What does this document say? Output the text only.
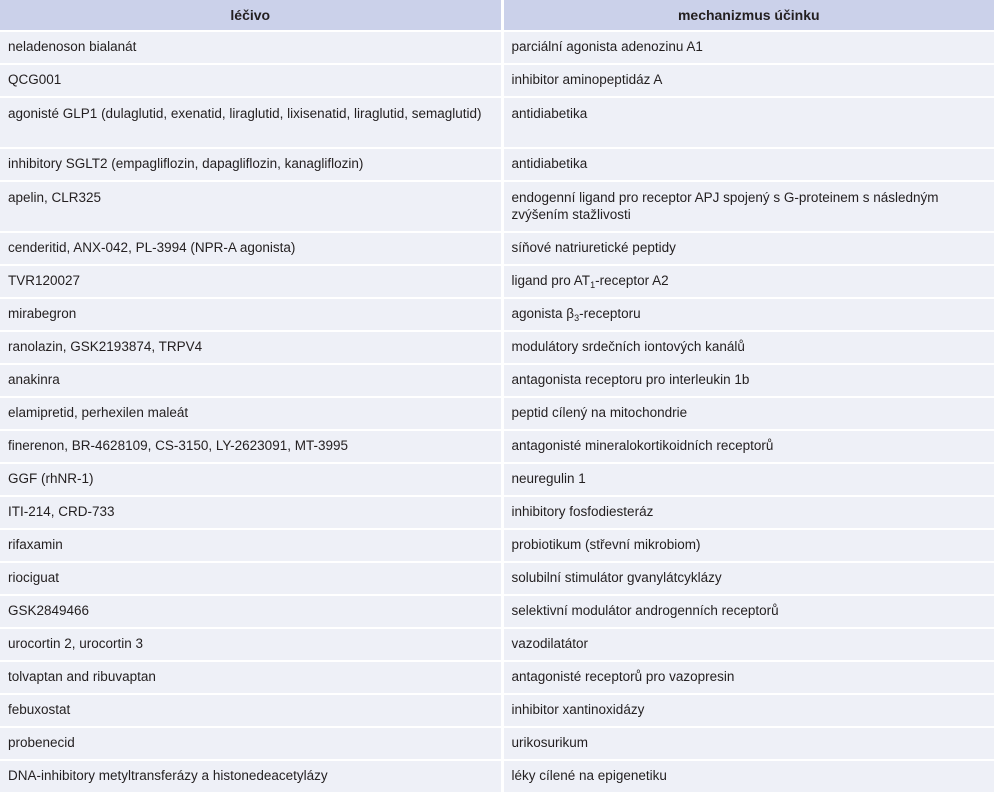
léčivo	mechanizmus účinku
neladenoson bialanát	parciální agonista adenozinu A1
QCG001	inhibitor aminopeptidáz A
agonisté GLP1 (dulaglutid, exenatid, liraglutid, lixisenatid, liraglutid, semaglutid)	antidiabetika
inhibitory SGLT2 (empagliflozin, dapagliflozin, kanagliflozin)	antidiabetika
apelin, CLR325	endogenní ligand pro receptor APJ spojený s G-proteinem s následným zvýšením stažlivosti
cenderitid, ANX-042, PL-3994 (NPR-A agonista)	síňové natriuretické peptidy
TVR120027	ligand pro $AT_1$-receptor A2
mirabegron	agonista $\beta_3$-receptoru
ranolazin, GSK2193874, TRPV4	modulátory srdečních iontových kanálů
anakinra	antagonista receptoru pro interleukin 1b
elamipretid, perhexilen maleát	peptid cílený na mitochondrie
finerenon, BR-4628109, CS-3150, LY-2623091, MT-3995	antagonisté mineralokortikoidních receptorů
GGF (rhNR-1)	neuregulin 1
ITI-214, CRD-733	inhibitory fosfodiesteráz
rifaxamin	probiotikum (střevní mikrobiom)
riociguat	solubilní stimulátor gvanylátcyklázy
GSK2849466	selektivní modulátor androgenních receptorů
urocortin 2, urocortin 3	vazodilatátor
tolvaptan and ribuvaptan	antagonisté receptorů pro vazopresin
febuxostat	inhibitor xantinoxidázy
probenecid	urikosurikum
DNA-inhibitory metyltransferázy a histonedeacetylázy	léky cílené na epigenetiku
